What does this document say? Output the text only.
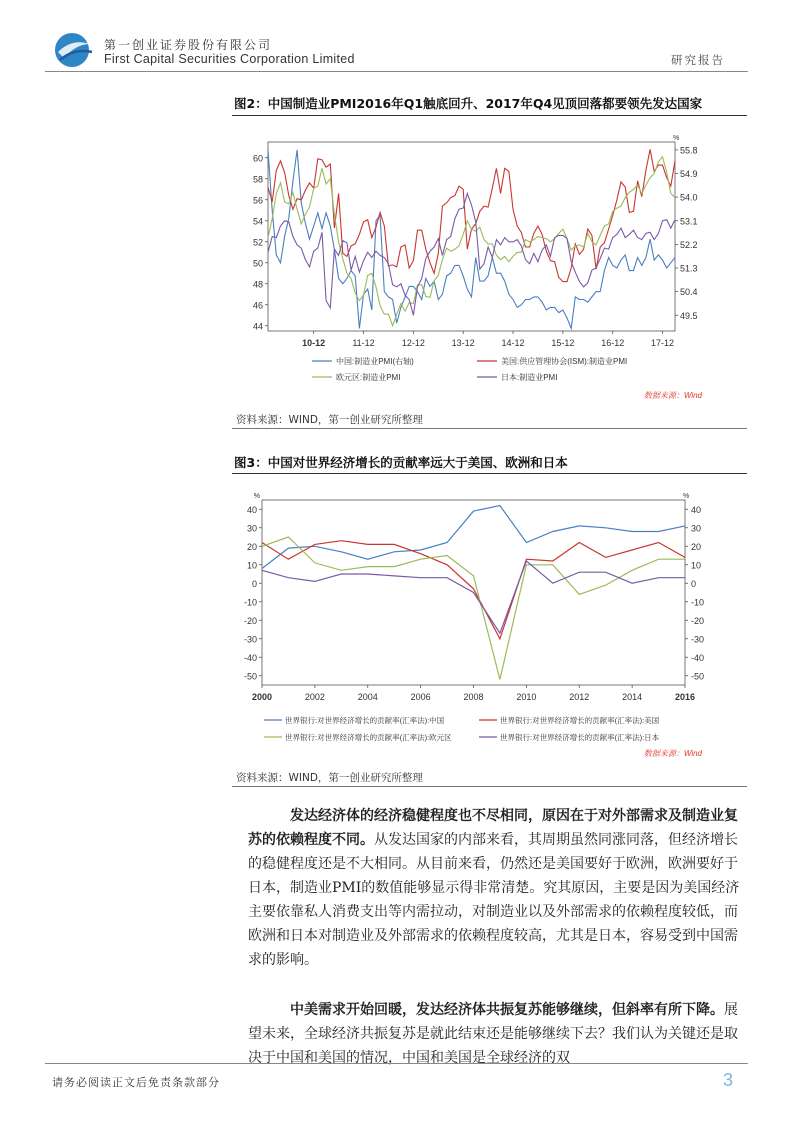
第一创业证券股份有限公司
First Capital Securities Corporation Limited	研究报告
图2：中国制造业PMI2016年Q1触底回升、2017年Q4见顶回落都要领先发达国家
60
58
56
54
52
50
48
46
44
55.8
54.9
54.0
53.1
52.2
51.3
50.4
49.5
%
10-12	11-12	12-12	13-12	14-12	15-12	16-12	17-12
中国:制造业PMI(右轴)	美国:供应管理协会(ISM):制造业PMI
欧元区:制造业PMI	日本:制造业PMI
数据来源：Wind
资料来源：WIND，第一创业研究所整理
图3：中国对世界经济增长的贡献率远大于美国、欧洲和日本
40	40
30	30
20	20
10	10
0	0
-10	-10
-20	-20
-30	-30
-40	-40
-50	-50
%	%
2000	2002	2004	2006	2008	2010	2012	2014	2016
世界银行:对世界经济增长的贡献率(汇率法):中国	世界银行:对世界经济增长的贡献率(汇率法):美国
世界银行:对世界经济增长的贡献率(汇率法):欧元区	世界银行:对世界经济增长的贡献率(汇率法):日本
数据来源：Wind
资料来源：WIND，第一创业研究所整理
发达经济体的经济稳健程度也不尽相同，原因在于对外部需求及制造业复苏的依赖程度不同。从发达国家的内部来看，其周期虽然同涨同落，但经济增长的稳健程度还是不大相同。从目前来看，仍然还是美国要好于欧洲，欧洲要好于日本，制造业PMI的数值能够显示得非常清楚。究其原因，主要是因为美国经济主要依靠私人消费支出等内需拉动，对制造业以及外部需求的依赖程度较低，而欧洲和日本对制造业及外部需求的依赖程度较高，尤其是日本，容易受到中国需求的影响。
中美需求开始回暖，发达经济体共振复苏能够继续，但斜率有所下降。展望未来，全球经济共振复苏是就此结束还是能够继续下去？我们认为关键还是取决于中国和美国的情况，中国和美国是全球经济的双
请务必阅读正文后免责条款部分	3
